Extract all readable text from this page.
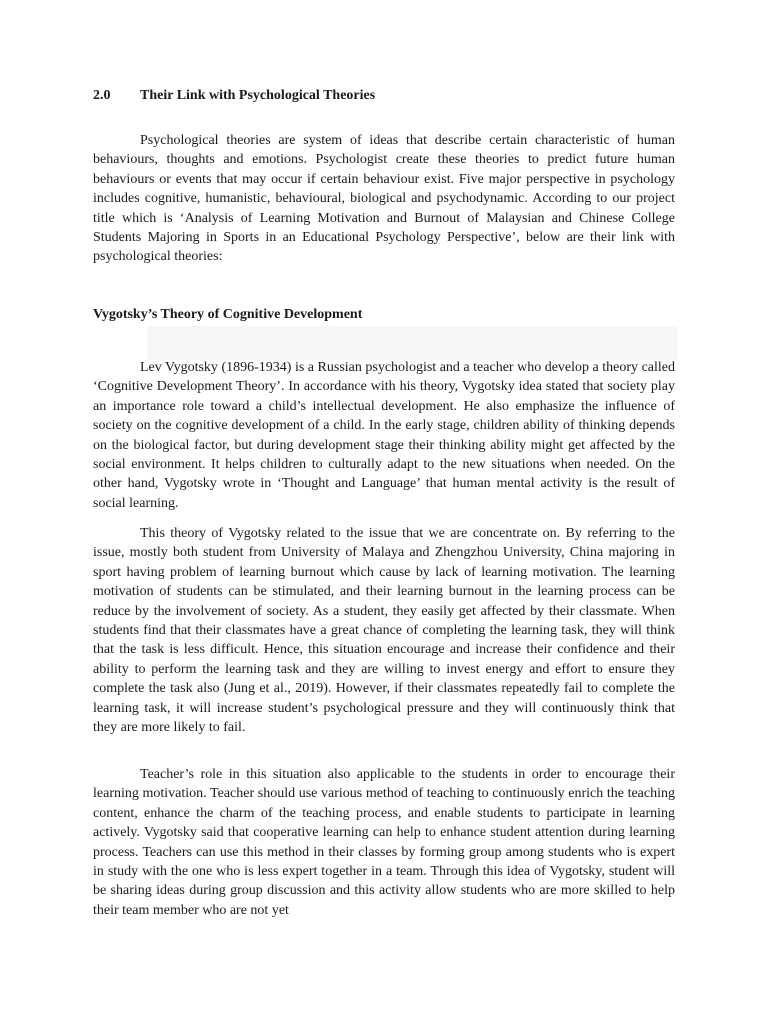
2.0	Their Link with Psychological Theories

Psychological theories are system of ideas that describe certain characteristic of human behaviours, thoughts and emotions. Psychologist create these theories to predict future human behaviours or events that may occur if certain behaviour exist. Five major perspective in psychology includes cognitive, humanistic, behavioural, biological and psychodynamic. According to our project title which is ‘Analysis of Learning Motivation and Burnout of Malaysian and Chinese College Students Majoring in Sports in an Educational Psychology Perspective’, below are their link with psychological theories:

Vygotsky’s Theory of Cognitive Development

Lev Vygotsky (1896-1934) is a Russian psychologist and a teacher who develop a theory called ‘Cognitive Development Theory’. In accordance with his theory, Vygotsky idea stated that society play an importance role toward a child’s intellectual development. He also emphasize the influence of society on the cognitive development of a child. In the early stage, children ability of thinking depends on the biological factor, but during development stage their thinking ability might get affected by the social environment. It helps children to culturally adapt to the new situations when needed. On the other hand, Vygotsky wrote in ‘Thought and Language’ that human mental activity is the result of social learning.

This theory of Vygotsky related to the issue that we are concentrate on. By referring to the issue, mostly both student from University of Malaya and Zhengzhou University, China majoring in sport having problem of learning burnout which cause by lack of learning motivation. The learning motivation of students can be stimulated, and their learning burnout in the learning process can be reduce by the involvement of society. As a student, they easily get affected by their classmate. When students find that their classmates have a great chance of completing the learning task, they will think that the task is less difficult. Hence, this situation encourage and increase their confidence and their ability to perform the learning task and they are willing to invest energy and effort to ensure they complete the task also (Jung et al., 2019). However, if their classmates repeatedly fail to complete the learning task, it will increase student’s psychological pressure and they will continuously think that they are more likely to fail.

Teacher’s role in this situation also applicable to the students in order to encourage their learning motivation. Teacher should use various method of teaching to continuously enrich the teaching content, enhance the charm of the teaching process, and enable students to participate in learning actively. Vygotsky said that cooperative learning can help to enhance student attention during learning process. Teachers can use this method in their classes by forming group among students who is expert in study with the one who is less expert together in a team. Through this idea of Vygotsky, student will be sharing ideas during group discussion and this activity allow students who are more skilled to help their team member who are not yet
